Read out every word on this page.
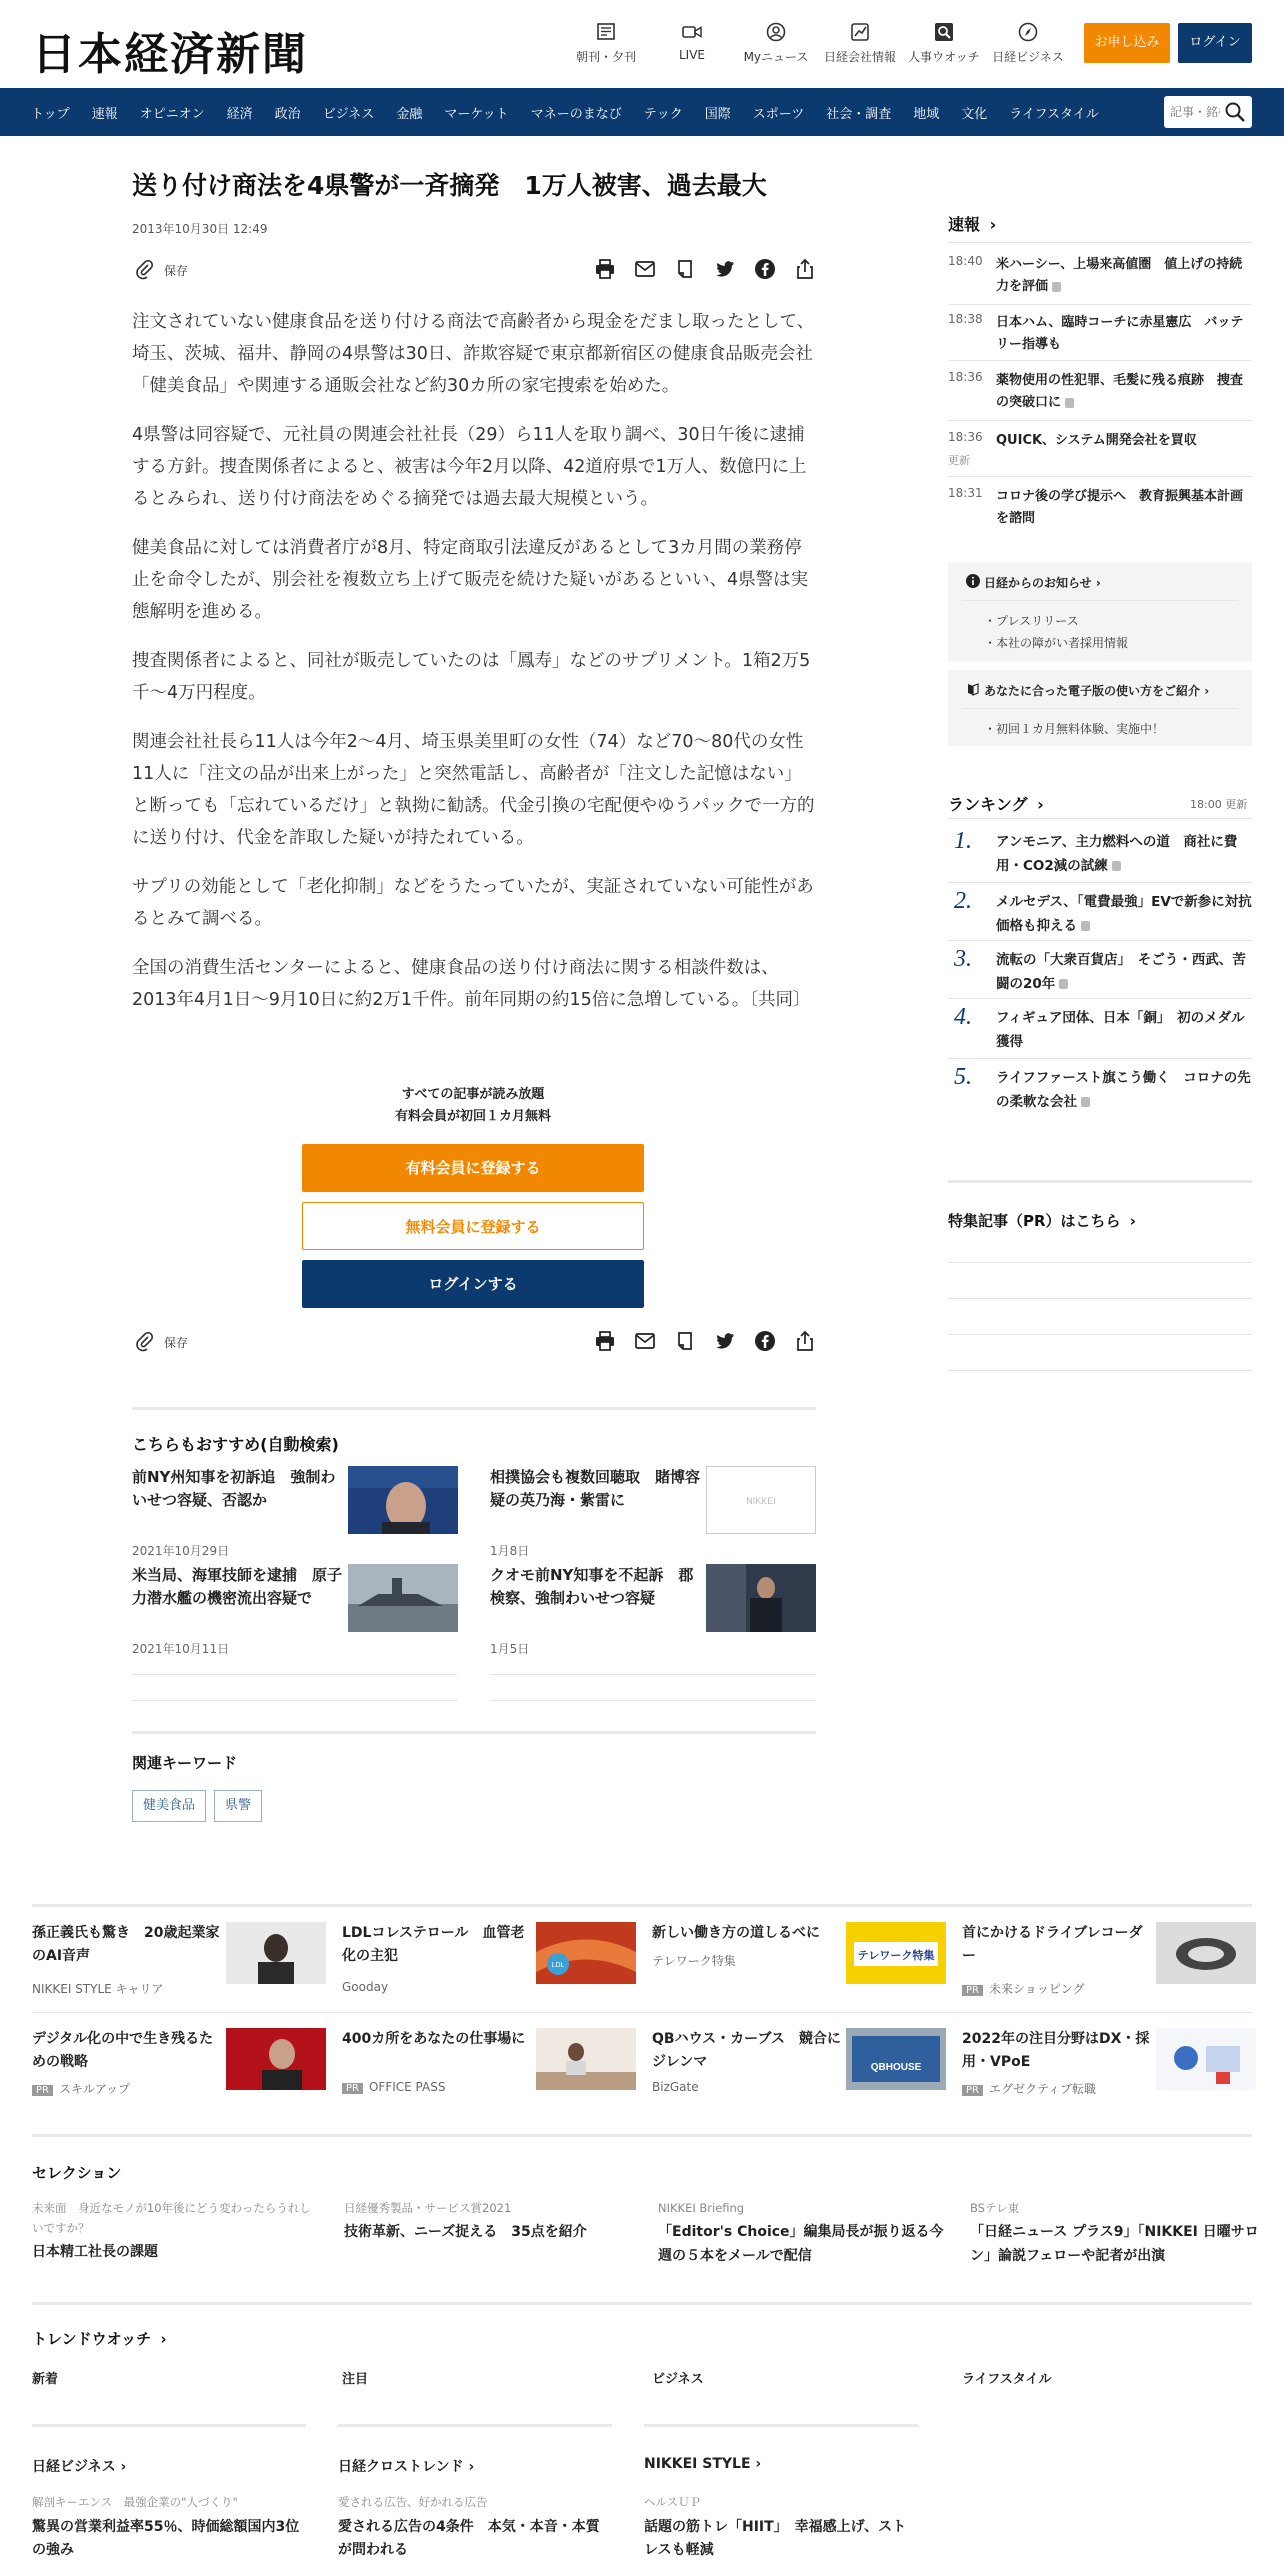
日本経済新聞	朝刊・夕刊	LIVE	Myニュース	日経会社情報	人事ウオッチ	日経ビジネス
お申し込み	ログイン
トップ	速報	オピニオン	経済	政治	ビジネス	金融	マーケット	マネーのまなび	テック	国際	スポーツ	社会・調査	地域	文化	ライフスタイル
記事・銘柄
送り付け商法を4県警が一斉摘発　1万人被害、過去最大
2013年10月30日 12:49
保存

注文されていない健康食品を送り付ける商法で高齢者から現金をだまし取ったとして、埼玉、茨城、福井、静岡の4県警は30日、詐欺容疑で東京都新宿区の健康食品販売会社「健美食品」や関連する通販会社など約30カ所の家宅捜索を始めた。

4県警は同容疑で、元社員の関連会社社長（29）ら11人を取り調べ、30日午後に逮捕する方針。捜査関係者によると、被害は今年2月以降、42道府県で1万人、数億円に上るとみられ、送り付け商法をめぐる摘発では過去最大規模という。

健美食品に対しては消費者庁が8月、特定商取引法違反があるとして3カ月間の業務停止を命令したが、別会社を複数立ち上げて販売を続けた疑いがあるといい、4県警は実態解明を進める。

捜査関係者によると、同社が販売していたのは「鳳寿」などのサプリメント。1箱2万5千～4万円程度。

関連会社社長ら11人は今年2～4月、埼玉県美里町の女性（74）など70～80代の女性11人に「注文の品が出来上がった」と突然電話し、高齢者が「注文した記憶はない」と断っても「忘れているだけ」と執拗に勧誘。代金引換の宅配便やゆうパックで一方的に送り付け、代金を詐取した疑いが持たれている。

サプリの効能として「老化抑制」などをうたっていたが、実証されていない可能性があるとみて調べる。

全国の消費生活センターによると、健康食品の送り付け商法に関する相談件数は、2013年4月1日～9月10日に約2万1千件。前年同期の約15倍に急増している。〔共同〕

すべての記事が読み放題
有料会員が初回１カ月無料
有料会員に登録する
無料会員に登録する
ログインする
保存
こちらもおすすめ(自動検索)
前NY州知事を初訴追　強制わいせつ容疑、否認か
2021年10月29日
相撲協会も複数回聴取　賭博容疑の英乃海・紫雷に
1月8日
NIKKEI
米当局、海軍技師を逮捕　原子力潜水艦の機密流出容疑で
2021年10月11日
クオモ前NY知事を不起訴　郡検察、強制わいせつ容疑
1月5日
関連キーワード
健美食品	県警
速報 ›
18:40 米ハーシー、上場来高値圏　値上げの持続力を評価
18:38 日本ハム、臨時コーチに赤星憲広　バッテリー指導も
18:36 薬物使用の性犯罪、毛髪に残る痕跡　捜査の突破口に
18:36 QUICK、システム開発会社を買収
更新
18:31 コロナ後の学び提示へ　教育振興基本計画を諮問
日経からのお知らせ ›
・プレスリリース
・本社の障がい者採用情報
あなたに合った電子版の使い方をご紹介 ›
・初回１カ月無料体験、実施中！
ランキング ›	18:00 更新
1. アンモニア、主力燃料への道　商社に費用・CO2減の試練
2. メルセデス、「電費最強」EVで新参に対抗　価格も抑える
3. 流転の「大衆百貨店」　そごう・西武、苦闘の20年
4. フィギュア団体、日本「銅」　初のメダル獲得
5. ライフファースト旗こう働く　コロナの先の柔軟な会社
特集記事（PR）はこちら ›
孫正義氏も驚き　20歳起業家のAI音声
NIKKEI STYLE キャリア
LDLコレステロール　血管老化の主犯
Gooday
LDL
新しい働き方の道しるべに
テレワーク特集	テレワーク特集
首にかけるドライブレコーダー
PR 未来ショッピング
デジタル化の中で生き残るための戦略
PR スキルアップ
400カ所をあなたの仕事場に
PR OFFICE PASS
QBハウス・カーブス　競合にジレンマ
BizGate
QBHOUSE
2022年の注目分野はDX・採用・VPoE
PR エグゼクティブ転職
セレクション
未来面　身近なモノが10年後にどう変わったらうれしいですか？
日本精工社長の課題
日経優秀製品・サービス賞2021
技術革新、ニーズ捉える　35点を紹介
NIKKEI Briefing
「Editor's Choice」編集局長が振り返る今週の５本をメールで配信
BSテレ東
「日経ニュース プラス9」「NIKKEI 日曜サロン」論説フェローや記者が出演
トレンドウオッチ ›
新着	注目	ビジネス	ライフスタイル
日経ビジネス ›	日経クロストレンド ›	NIKKEI STYLE ›
解剖キーエンス　最強企業の"人づくり"
驚異の営業利益率55％、時価総額国内3位の強み
愛される広告、好かれる広告
愛される広告の4条件　本気・本音・本質が問われる
ヘルスＵＰ
話題の筋トレ「HIIT」　幸福感上げ、ストレスも軽減
